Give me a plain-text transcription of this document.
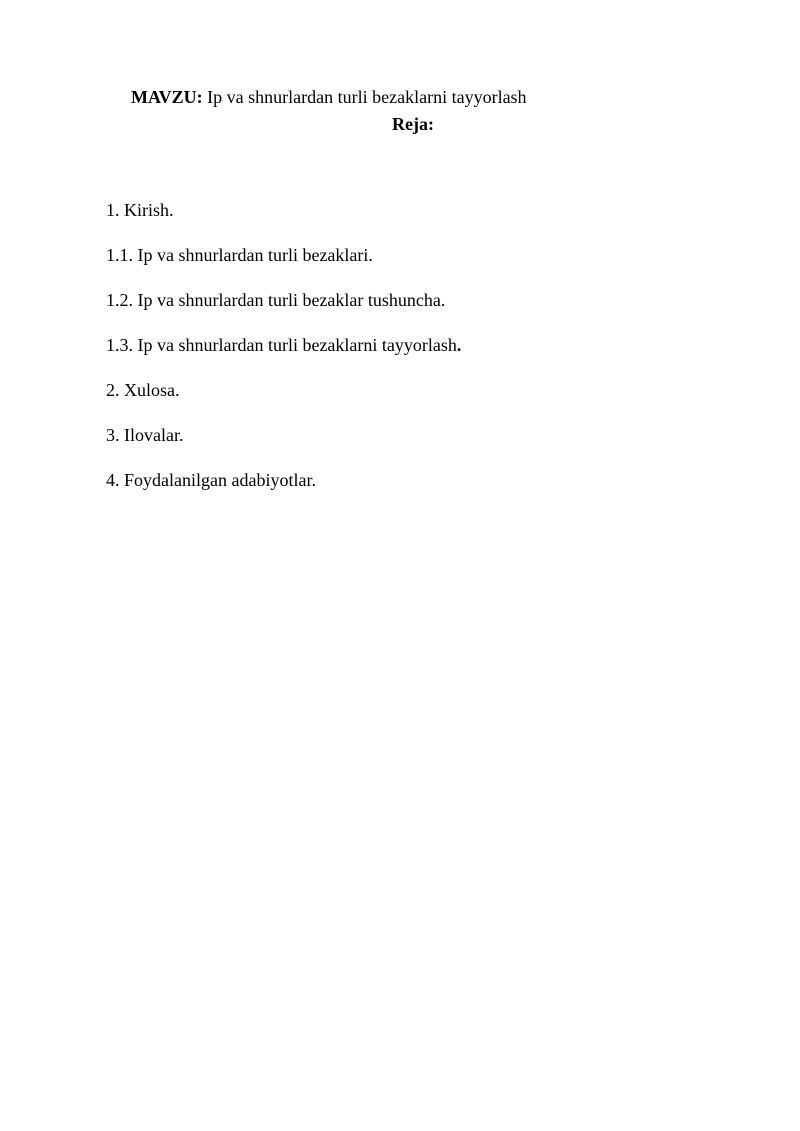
MAVZU: Ip va shnurlardan turli bezaklarni tayyorlash
Reja:
1. Kirish.
1.1. Ip va shnurlardan turli bezaklari.
1.2. Ip va shnurlardan turli bezaklar tushuncha.
1.3. Ip va shnurlardan turli bezaklarni tayyorlash.
2. Xulosa.
3. Ilovalar.
4. Foydalanilgan adabiyotlar.
